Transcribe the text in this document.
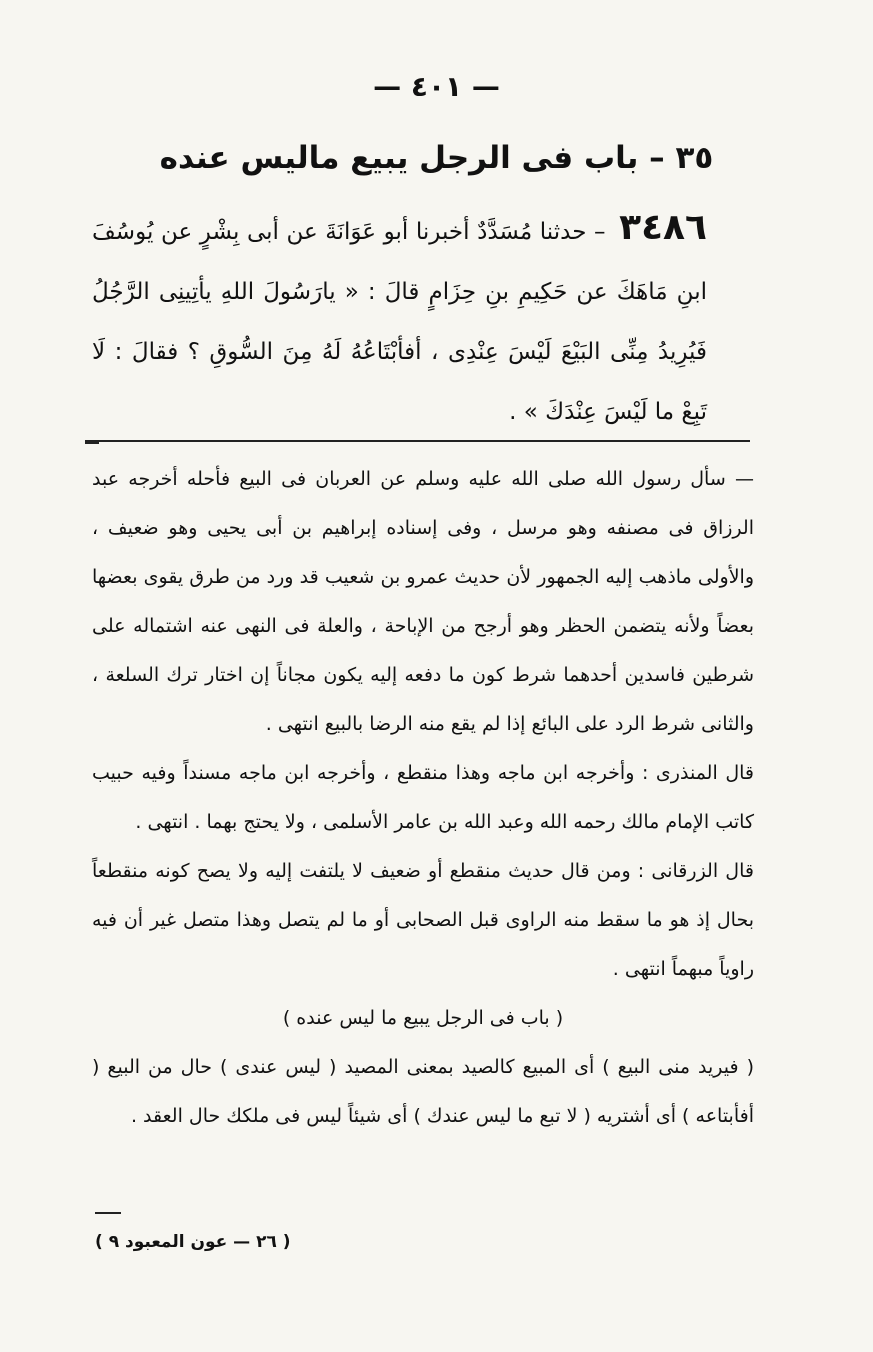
— ٤٠١ —
٣٥ – باب فى الرجل يبيع ماليس عنده
٣٤٨٦ – حدثنا مُسَدَّدٌ أخبرنا أبو عَوَانَةَ عن أبى بِشْرٍ عن يُوسُفَ ابنِ مَاهَكَ عن حَكِيمِ بنِ حِزَامٍ قالَ : « يارَسُولَ اللهِ يأتِينِى الرَّجُلُ فَيُرِيدُ مِنِّى البَيْعَ لَيْسَ عِنْدِى ، أفأبْتَاعُهُ لَهُ مِنَ السُّوقِ ؟ فقالَ : لَا تَبِعْ ما لَيْسَ عِنْدَكَ » .

— سأل رسول الله صلى الله عليه وسلم عن العربان فى البيع فأحله أخرجه عبد الرزاق فى مصنفه وهو مرسل ، وفى إسناده إبراهيم بن أبى يحيى وهو ضعيف ، والأولى ماذهب إليه الجمهور لأن حديث عمرو بن شعيب قد ورد من طرق يقوى بعضها بعضاً ولأنه يتضمن الحظر وهو أرجح من الإباحة ، والعلة فى النهى عنه اشتماله على شرطين فاسدين أحدهما شرط كون ما دفعه إليه يكون مجاناً إن اختار ترك السلعة ، والثانى شرط الرد على البائع إذا لم يقع منه الرضا بالبيع انتهى .

قال المنذرى : وأخرجه ابن ماجه وهذا منقطع ، وأخرجه ابن ماجه مسنداً وفيه حبيب كاتب الإمام مالك رحمه الله وعبد الله بن عامر الأسلمى ، ولا يحتج بهما . انتهى .

قال الزرقانى : ومن قال حديث منقطع أو ضعيف لا يلتفت إليه ولا يصح كونه منقطعاً بحال إذ هو ما سقط منه الراوى قبل الصحابى أو ما لم يتصل وهذا متصل غير أن فيه راوياً مبهماً انتهى .

( باب فى الرجل يبيع ما ليس عنده )

( فيريد منى البيع ) أى المبيع كالصيد بمعنى المصيد ( ليس عندى ) حال من البيع ( أفأبتاعه ) أى أشتريه ( لا تبع ما ليس عندك ) أى شيئاً ليس فى ملكك حال العقد .

( ٢٦ — عون المعبود ٩ )
